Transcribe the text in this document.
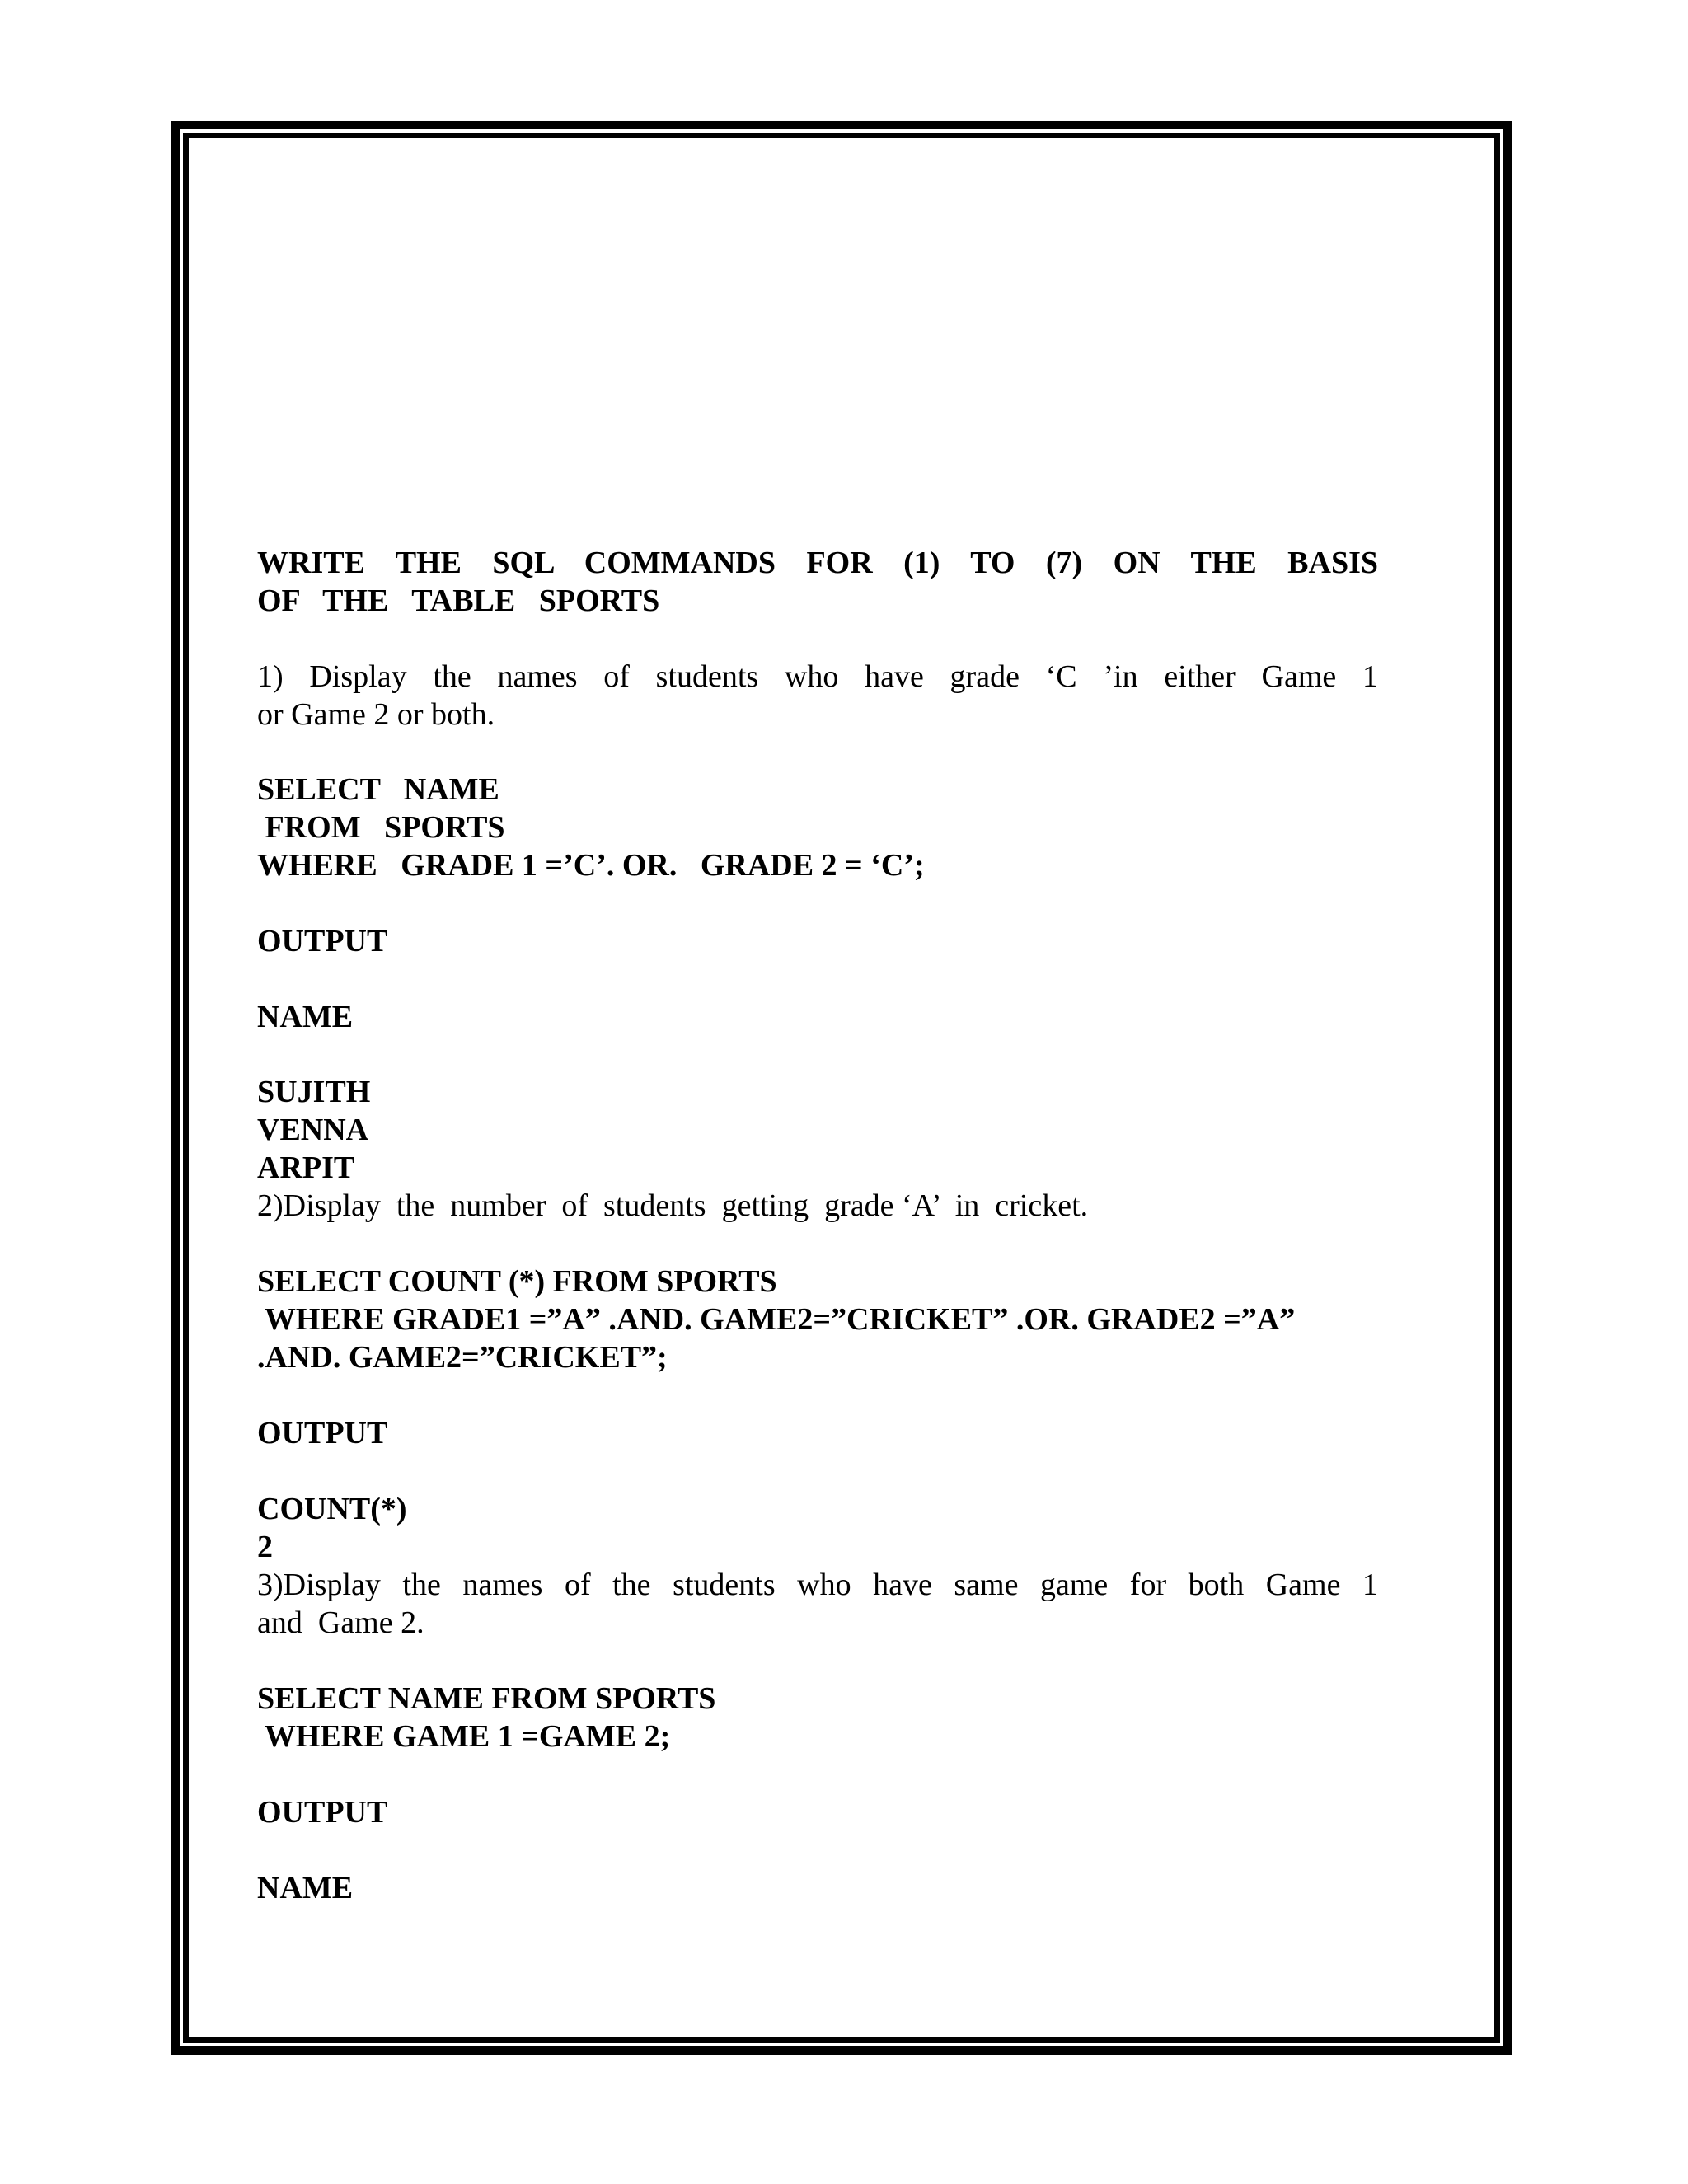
WRITE THE SQL COMMANDS FOR (1) TO (7) ON THE BASIS

OF   THE   TABLE   SPORTS

1) Display the names of students who have grade ‘C ’in either Game 1

or Game 2 or both.

SELECT   NAME

FROM   SPORTS

WHERE   GRADE 1 =’C’. OR.   GRADE 2 = ‘C’;

OUTPUT

NAME

SUJITH

VENNA

ARPIT

2)Display  the  number  of  students  getting  grade ‘A’  in  cricket.

SELECT COUNT (*) FROM SPORTS

WHERE GRADE1 =”A” .AND. GAME2=”CRICKET” .OR. GRADE2 =”A”

.AND. GAME2=”CRICKET”;

OUTPUT

COUNT(*)

2

3)Display the names of the students who have same game for both Game 1

and  Game 2.

SELECT NAME FROM SPORTS

WHERE GAME 1 =GAME 2;

OUTPUT

NAME
